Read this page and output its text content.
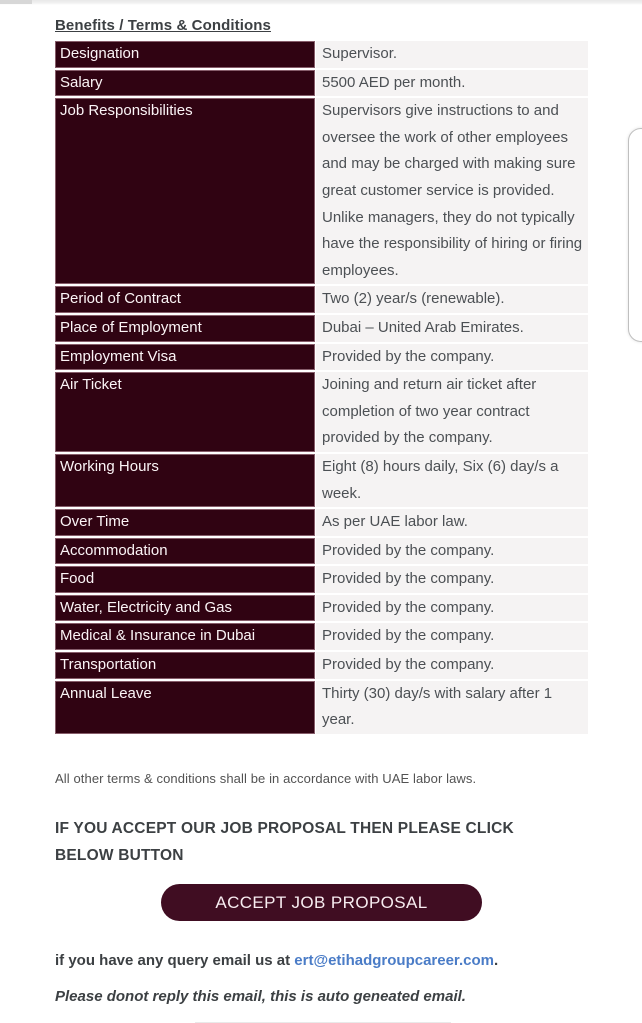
Benefits / Terms & Conditions
Designation	Supervisor.
Salary	5500 AED per month.
Job Responsibilities	Supervisors give instructions to and oversee the work of other employees and may be charged with making sure great customer service is provided. Unlike managers, they do not typically have the responsibility of hiring or firing employees.
Period of Contract	Two (2) year/s (renewable).
Place of Employment	Dubai – United Arab Emirates.
Employment Visa	Provided by the company.
Air Ticket	Joining and return air ticket after completion of two year contract provided by the company.
Working Hours	Eight (8) hours daily, Six (6) day/s a week.
Over Time	As per UAE labor law.
Accommodation	Provided by the company.
Food	Provided by the company.
Water, Electricity and Gas	Provided by the company.
Medical & Insurance in Dubai	Provided by the company.
Transportation	Provided by the company.
Annual Leave	Thirty (30) day/s with salary after 1 year.

All other terms & conditions shall be in accordance with UAE labor laws.

IF YOU ACCEPT OUR JOB PROPOSAL THEN PLEASE CLICK BELOW BUTTON

ACCEPT JOB PROPOSAL

if you have any query email us at ert@etihadgroupcareer.com.

Please donot reply this email, this is auto geneated email.
